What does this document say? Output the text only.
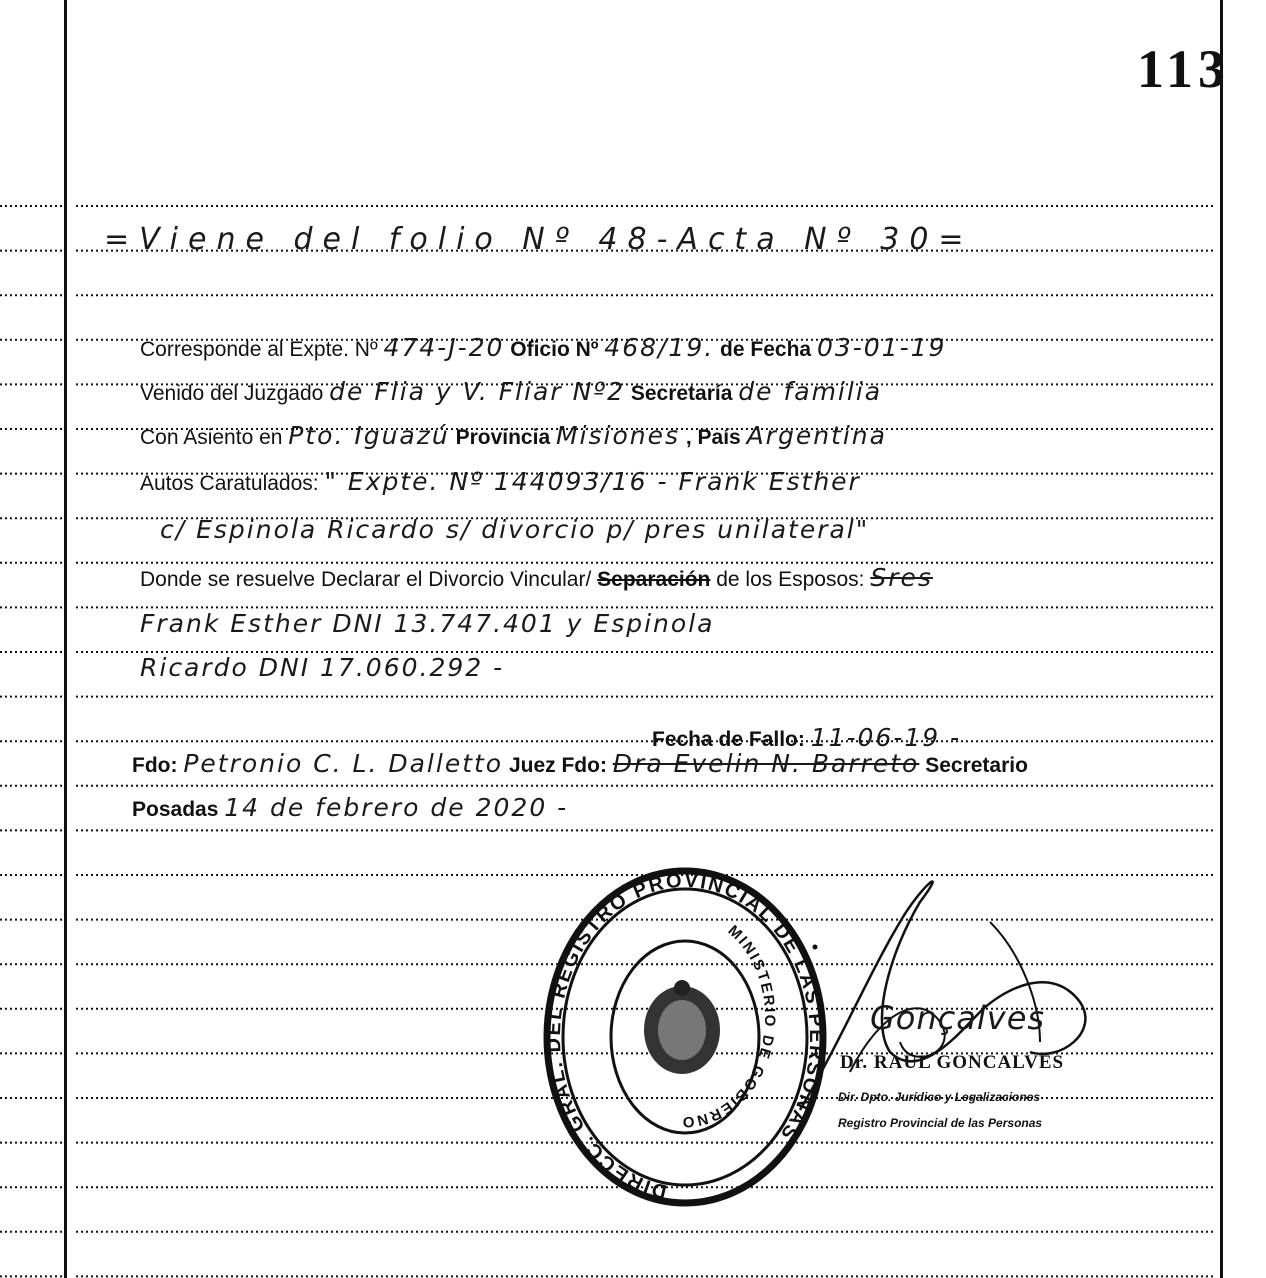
113
=Viene del folio Nº 48-Acta Nº 30=
Corresponde al Expte. Nº 474-J-20 Oficio Nº 468/19. de Fecha 03-01-19
Venido del Juzgado de Flia y V. Fliar Nº2 Secretaría de familia
Con Asiento en Pto. Iguazú Provincia Misiones , País Argentina
Autos Caratulados: " Expte. Nº 144093/16 - Frank Esther
c/ Espinola Ricardo s/ divorcio p/ pres unilateral"
Donde se resuelve Declarar el Divorcio Vincular/ Separación de los Esposos: Sres
Frank Esther DNI 13.747.401 y Espinola
Ricardo DNI 17.060.292 -
Fecha de Fallo: 11-06-19 -
Fdo: Petronio C. L. Dalletto Juez Fdo: Dra Evelin N. Barreto Secretario
Posadas 14 de febrero de 2020 -
DIRECC. GRAL. DEL REGISTRO PROVINCIAL DE LAS PERSONAS
MINISTERIO DE GOBIERNO
Gonçalves
Dr. RAUL GONCALVES
Dir. Dpto. Jurídico y Legalizaciones
Registro Provincial de las Personas
